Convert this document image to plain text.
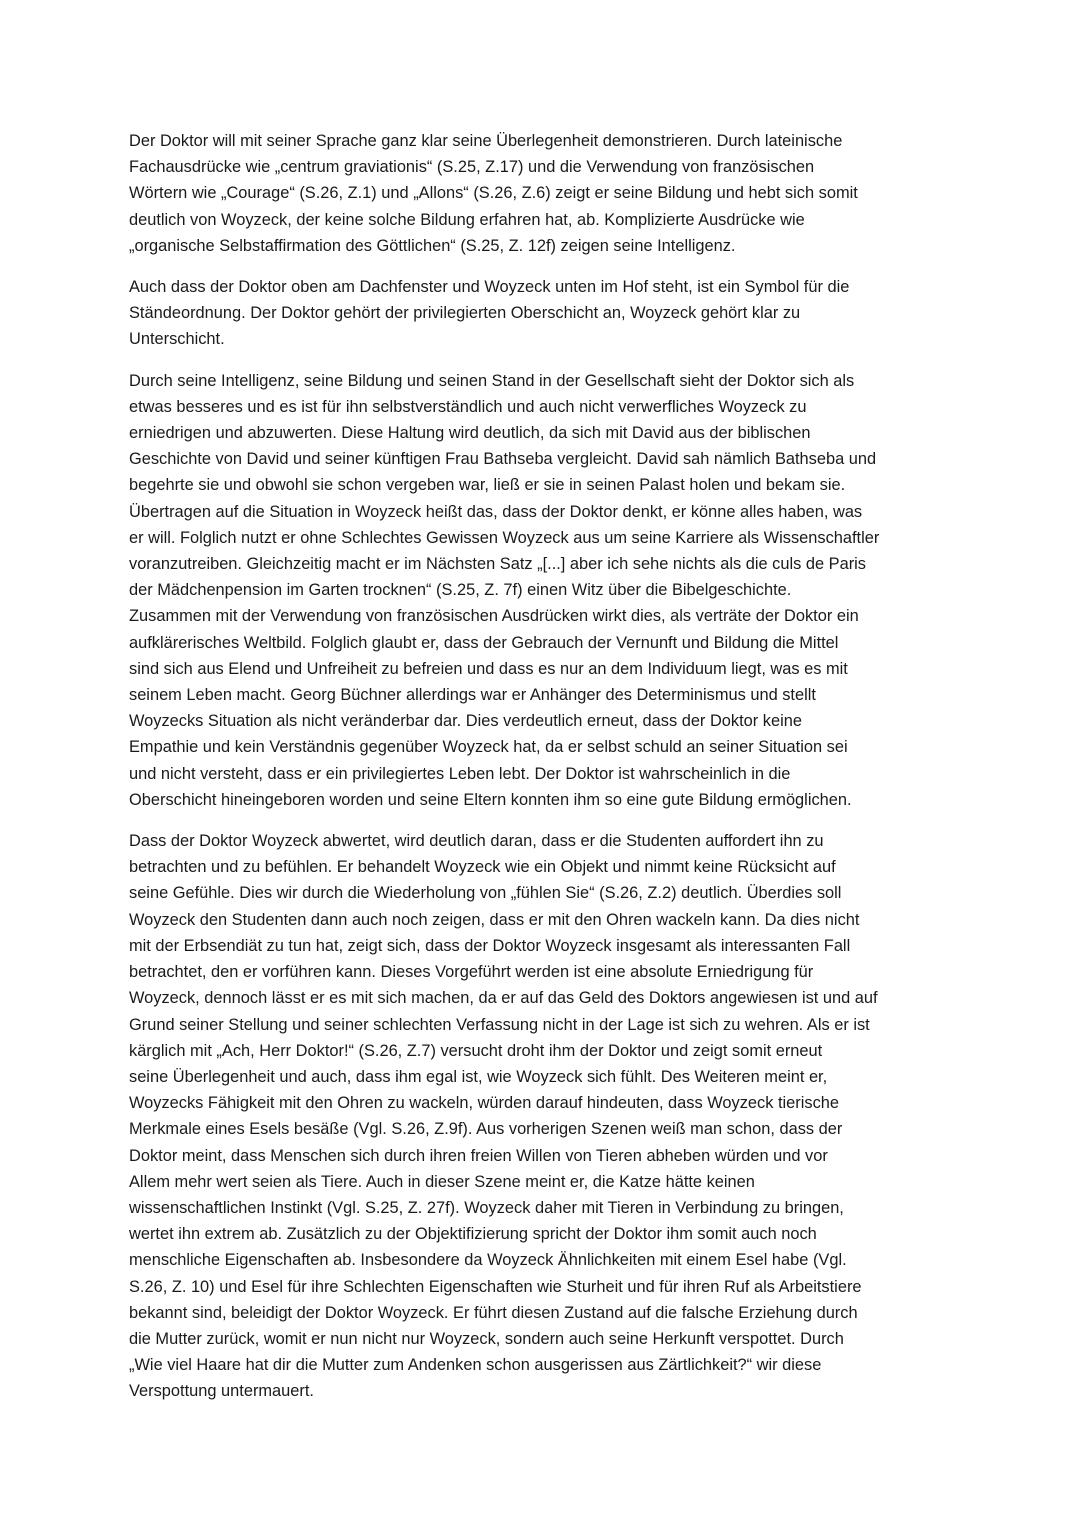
Der Doktor will mit seiner Sprache ganz klar seine Überlegenheit demonstrieren. Durch lateinische
Fachausdrücke wie „centrum graviationis“ (S.25, Z.17) und die Verwendung von französischen
Wörtern wie „Courage“ (S.26, Z.1) und „Allons“ (S.26, Z.6) zeigt er seine Bildung und hebt sich somit
deutlich von Woyzeck, der keine solche Bildung erfahren hat, ab. Komplizierte Ausdrücke wie
„organische Selbstaffirmation des Göttlichen“ (S.25, Z. 12f) zeigen seine Intelligenz.

Auch dass der Doktor oben am Dachfenster und Woyzeck unten im Hof steht, ist ein Symbol für die
Ständeordnung. Der Doktor gehört der privilegierten Oberschicht an, Woyzeck gehört klar zu
Unterschicht.

Durch seine Intelligenz, seine Bildung und seinen Stand in der Gesellschaft sieht der Doktor sich als
etwas besseres und es ist für ihn selbstverständlich und auch nicht verwerfliches Woyzeck zu
erniedrigen und abzuwerten. Diese Haltung wird deutlich, da sich mit David aus der biblischen
Geschichte von David und seiner künftigen Frau Bathseba vergleicht. David sah nämlich Bathseba und
begehrte sie und obwohl sie schon vergeben war, ließ er sie in seinen Palast holen und bekam sie.
Übertragen auf die Situation in Woyzeck heißt das, dass der Doktor denkt, er könne alles haben, was
er will. Folglich nutzt er ohne Schlechtes Gewissen Woyzeck aus um seine Karriere als Wissenschaftler
voranzutreiben. Gleichzeitig macht er im Nächsten Satz „[...] aber ich sehe nichts als die culs de Paris
der Mädchenpension im Garten trocknen“ (S.25, Z. 7f) einen Witz über die Bibelgeschichte.
Zusammen mit der Verwendung von französischen Ausdrücken wirkt dies, als verträte der Doktor ein
aufklärerisches Weltbild. Folglich glaubt er, dass der Gebrauch der Vernunft und Bildung die Mittel
sind sich aus Elend und Unfreiheit zu befreien und dass es nur an dem Individuum liegt, was es mit
seinem Leben macht. Georg Büchner allerdings war er Anhänger des Determinismus und stellt
Woyzecks Situation als nicht veränderbar dar. Dies verdeutlich erneut, dass der Doktor keine
Empathie und kein Verständnis gegenüber Woyzeck hat, da er selbst schuld an seiner Situation sei
und nicht versteht, dass er ein privilegiertes Leben lebt. Der Doktor ist wahrscheinlich in die
Oberschicht hineingeboren worden und seine Eltern konnten ihm so eine gute Bildung ermöglichen.

Dass der Doktor Woyzeck abwertet, wird deutlich daran, dass er die Studenten auffordert ihn zu
betrachten und zu befühlen. Er behandelt Woyzeck wie ein Objekt und nimmt keine Rücksicht auf
seine Gefühle. Dies wir durch die Wiederholung von „fühlen Sie“ (S.26, Z.2) deutlich. Überdies soll
Woyzeck den Studenten dann auch noch zeigen, dass er mit den Ohren wackeln kann. Da dies nicht
mit der Erbsendiät zu tun hat, zeigt sich, dass der Doktor Woyzeck insgesamt als interessanten Fall
betrachtet, den er vorführen kann. Dieses Vorgeführt werden ist eine absolute Erniedrigung für
Woyzeck, dennoch lässt er es mit sich machen, da er auf das Geld des Doktors angewiesen ist und auf
Grund seiner Stellung und seiner schlechten Verfassung nicht in der Lage ist sich zu wehren. Als er ist
kärglich mit „Ach, Herr Doktor!“ (S.26, Z.7) versucht droht ihm der Doktor und zeigt somit erneut
seine Überlegenheit und auch, dass ihm egal ist, wie Woyzeck sich fühlt. Des Weiteren meint er,
Woyzecks Fähigkeit mit den Ohren zu wackeln, würden darauf hindeuten, dass Woyzeck tierische
Merkmale eines Esels besäße (Vgl. S.26, Z.9f). Aus vorherigen Szenen weiß man schon, dass der
Doktor meint, dass Menschen sich durch ihren freien Willen von Tieren abheben würden und vor
Allem mehr wert seien als Tiere. Auch in dieser Szene meint er, die Katze hätte keinen
wissenschaftlichen Instinkt (Vgl. S.25, Z. 27f). Woyzeck daher mit Tieren in Verbindung zu bringen,
wertet ihn extrem ab. Zusätzlich zu der Objektifizierung spricht der Doktor ihm somit auch noch
menschliche Eigenschaften ab. Insbesondere da Woyzeck Ähnlichkeiten mit einem Esel habe (Vgl.
S.26, Z. 10) und Esel für ihre Schlechten Eigenschaften wie Sturheit und für ihren Ruf als Arbeitstiere
bekannt sind, beleidigt der Doktor Woyzeck. Er führt diesen Zustand auf die falsche Erziehung durch
die Mutter zurück, womit er nun nicht nur Woyzeck, sondern auch seine Herkunft verspottet. Durch
„Wie viel Haare hat dir die Mutter zum Andenken schon ausgerissen aus Zärtlichkeit?“ wir diese
Verspottung untermauert.
